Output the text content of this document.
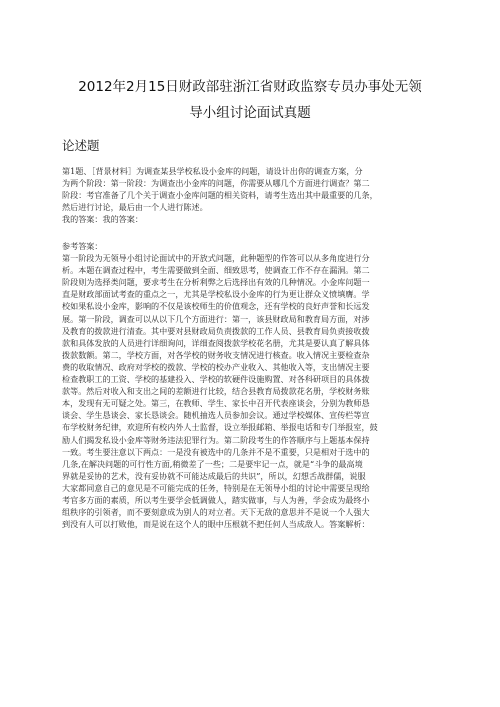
2012年2月15日财政部驻浙江省财政监察专员办事处无领
导小组讨论面试真题
论述题
第1题、［背景材料］为调查某县学校私设小金库的问题，请设计出你的调查方案，分
为两个阶段：第一阶段：为调查出小金库的问题，你需要从哪几个方面进行调查？第二
阶段：考官准备了几个关于调查小金库问题的相关资料，请考生选出其中最重要的几条，
然后进行讨论，最后由一个人进行陈述。
我的答案：我的答案：
参考答案：
第一阶段为无领导小组讨论面试中的开放式问题，此种题型的作答可以从多角度进行分
析。本题在调查过程中，考生需要做到全面、细致思考，使调查工作不存在漏洞。第二
阶段则为选择类问题，要求考生在分析利弊之后选择出有效的几种情况。小金库问题一
直是财政部面试考查的重点之一，尤其是学校私设小金库的行为更让群众义愤填膺。学
校如果私设小金库，影响的不仅是该校师生的价值观念，还有学校的良好声誉和长远发
展。第一阶段，调查可以从以下几个方面进行：第一，该县财政局和教育局方面，对涉
及教育的拨款进行清查。其中要对县财政局负责拨款的工作人员、县教育局负责接收拨
款和具体发放的人员进行详细询问，详细查阅拨款学校花名册，尤其是要认真了解具体
拨款数额。第二，学校方面，对各学校的财务收支情况进行核查。收入情况主要检查杂
费的收取情况、政府对学校的拨款、学校的校办产业收入、其他收入等，支出情况主要
检查教职工的工资、学校的基建投入、学校的软硬件设施购置、对各科研项目的具体拨
款等。然后对收入和支出之间的差额进行比较，结合县教育局拨款花名册，学校财务账
本，发现有无可疑之处。第三，在教师、学生、家长中召开代表座谈会，分别为教师恳
谈会、学生恳谈会、家长恳谈会。随机抽选人员参加会议。通过学校媒体、宣传栏等宣
布学校财务纪律，欢迎所有校内外人士监督，设立举报邮箱、举报电话和专门举报室，鼓
励人们揭发私设小金库等财务违法犯罪行为。第二阶段考生的作答顺序与上题基本保持
一致。考生要注意以下两点：一是没有被选中的几条并不是不重要，只是相对于选中的
几条,在解决问题的可行性方面,稍微差了一些；二是要牢记一点，就是“斗争的最高境
界就是妥协的艺术，没有妥协就不可能达成最后的共识”，所以，幻想舌战群儒，说服
大家都同意自己的意见是不可能完成的任务，特别是在无领导小组的讨论中需要呈现给
考官多方面的素质，所以考生要学会低调做人，踏实做事，与人为善，学会成为最终小
组秩序的引领者，而不要刻意成为别人的对立者。天下无敌的意思并不是说一个人强大
到没有人可以打败他，而是说在这个人的眼中压根就不把任何人当成敌人。答案解析：
